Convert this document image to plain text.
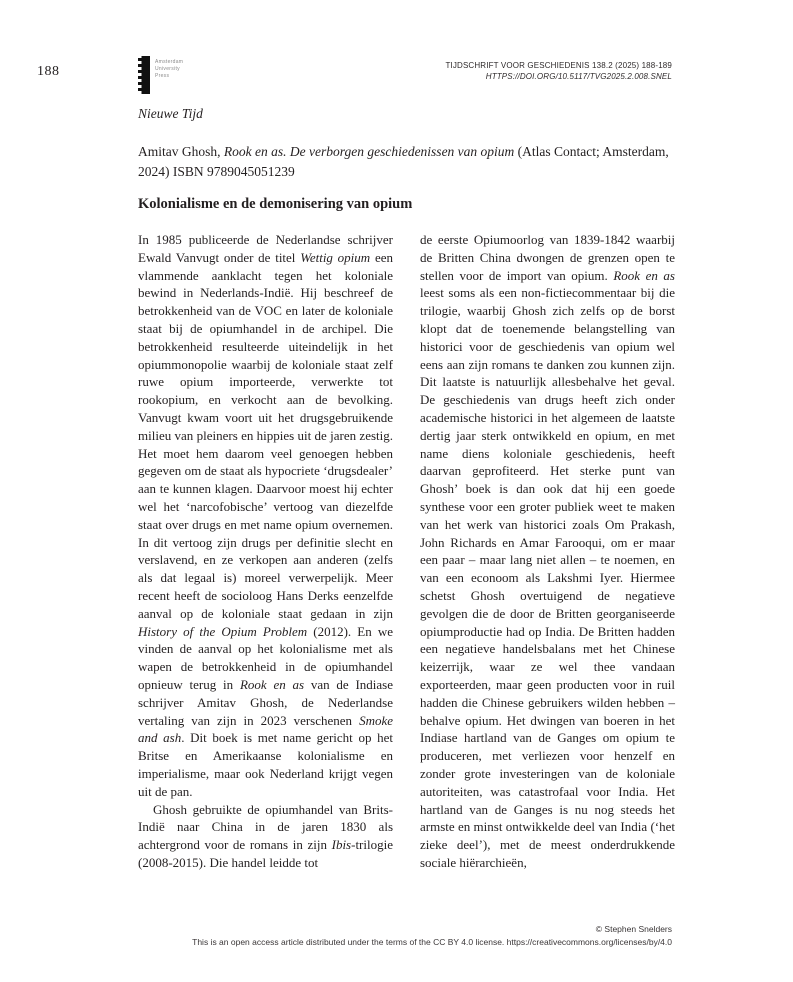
188
Amsterdam
University
Press
TIJDSCHRIFT VOOR GESCHIEDENIS 138.2 (2025) 188-189
HTTPS://DOI.ORG/10.5117/TVG2025.2.008.SNEL
Nieuwe Tijd
Amitav Ghosh, Rook en as. De verborgen geschiedenissen van opium (Atlas Contact; Amsterdam, 2024) ISBN 9789045051239
Kolonialisme en de demonisering van opium

In 1985 publiceerde de Nederlandse schrijver Ewald Vanvugt onder de titel Wettig opium een vlammende aanklacht tegen het koloniale bewind in Nederlands-Indië. Hij beschreef de betrokkenheid van de VOC en later de koloniale staat bij de opiumhandel in de archipel. Die betrokkenheid resulteerde uiteindelijk in het opiummonopolie waarbij de koloniale staat zelf ruwe opium importeerde, verwerkte tot rookopium, en verkocht aan de bevolking. Vanvugt kwam voort uit het drugsgebruikende milieu van pleiners en hippies uit de jaren zestig. Het moet hem daarom veel genoegen hebben gegeven om de staat als hypocriete ‘drugsdealer’ aan te kunnen klagen. Daarvoor moest hij echter wel het ‘narcofobische’ vertoog van diezelfde staat over drugs en met name opium overnemen. In dit vertoog zijn drugs per definitie slecht en verslavend, en ze verkopen aan anderen (zelfs als dat legaal is) moreel verwerpelijk. Meer recent heeft de socioloog Hans Derks eenzelfde aanval op de koloniale staat gedaan in zijn History of the Opium Problem (2012). En we vinden de aanval op het kolonialisme met als wapen de betrokkenheid in de opiumhandel opnieuw terug in Rook en as van de Indiase schrijver Amitav Ghosh, de Nederlandse vertaling van zijn in 2023 verschenen Smoke and ash. Dit boek is met name gericht op het Britse en Amerikaanse kolonialisme en imperialisme, maar ook Nederland krijgt vegen uit de pan.

Ghosh gebruikte de opiumhandel van Brits-Indië naar China in de jaren 1830 als achtergrond voor de romans in zijn Ibis-trilogie (2008-2015). Die handel leidde tot

de eerste Opiumoorlog van 1839-1842 waarbij de Britten China dwongen de grenzen open te stellen voor de import van opium. Rook en as leest soms als een non-fictiecommentaar bij die trilogie, waarbij Ghosh zich zelfs op de borst klopt dat de toenemende belangstelling van historici voor de geschiedenis van opium wel eens aan zijn romans te danken zou kunnen zijn. Dit laatste is natuurlijk allesbehalve het geval. De geschiedenis van drugs heeft zich onder academische historici in het algemeen de laatste dertig jaar sterk ontwikkeld en opium, en met name diens koloniale geschiedenis, heeft daarvan geprofiteerd. Het sterke punt van Ghosh’ boek is dan ook dat hij een goede synthese voor een groter publiek weet te maken van het werk van historici zoals Om Prakash, John Richards en Amar Farooqui, om er maar een paar – maar lang niet allen – te noemen, en van een econoom als Lakshmi Iyer. Hiermee schetst Ghosh overtuigend de negatieve gevolgen die de door de Britten georganiseerde opiumproductie had op India. De Britten hadden een negatieve handelsbalans met het Chinese keizerrijk, waar ze wel thee vandaan exporteerden, maar geen producten voor in ruil hadden die Chinese gebruikers wilden hebben – behalve opium. Het dwingen van boeren in het Indiase hartland van de Ganges om opium te produceren, met verliezen voor henzelf en zonder grote investeringen van de koloniale autoriteiten, was catastrofaal voor India. Het hartland van de Ganges is nu nog steeds het armste en minst ontwikkelde deel van India (‘het zieke deel’), met de meest onderdrukkende sociale hiërarchieën,

© Stephen Snelders
This is an open access article distributed under the terms of the CC BY 4.0 license. https://creativecommons.org/licenses/by/4.0
